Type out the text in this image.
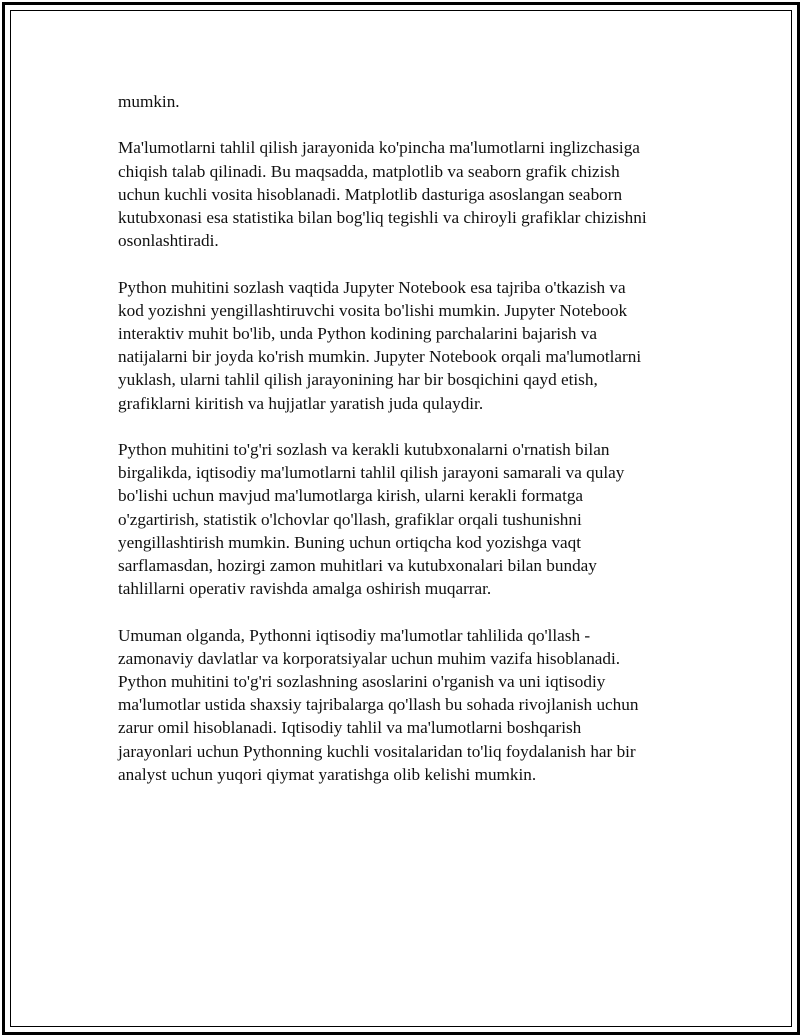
mumkin.

Ma'lumotlarni tahlil qilish jarayonida ko'pincha ma'lumotlarni inglizchasiga
chiqish talab qilinadi. Bu maqsadda, matplotlib va seaborn grafik chizish
uchun kuchli vosita hisoblanadi. Matplotlib dasturiga asoslangan seaborn
kutubxonasi esa statistika bilan bog'liq tegishli va chiroyli grafiklar chizishni
osonlashtiradi.

Python muhitini sozlash vaqtida Jupyter Notebook esa tajriba o'tkazish va
kod yozishni yengillashtiruvchi vosita bo'lishi mumkin. Jupyter Notebook
interaktiv muhit bo'lib, unda Python kodining parchalarini bajarish va
natijalarni bir joyda ko'rish mumkin. Jupyter Notebook orqali ma'lumotlarni
yuklash, ularni tahlil qilish jarayonining har bir bosqichini qayd etish,
grafiklarni kiritish va hujjatlar yaratish juda qulaydir.

Python muhitini to'g'ri sozlash va kerakli kutubxonalarni o'rnatish bilan
birgalikda, iqtisodiy ma'lumotlarni tahlil qilish jarayoni samarali va qulay
bo'lishi uchun mavjud ma'lumotlarga kirish, ularni kerakli formatga
o'zgartirish, statistik o'lchovlar qo'llash, grafiklar orqali tushunishni
yengillashtirish mumkin. Buning uchun ortiqcha kod yozishga vaqt
sarflamasdan, hozirgi zamon muhitlari va kutubxonalari bilan bunday
tahlillarni operativ ravishda amalga oshirish muqarrar.

Umuman olganda, Pythonni iqtisodiy ma'lumotlar tahlilida qo'llash -
zamonaviy davlatlar va korporatsiyalar uchun muhim vazifa hisoblanadi.
Python muhitini to'g'ri sozlashning asoslarini o'rganish va uni iqtisodiy
ma'lumotlar ustida shaxsiy tajribalarga qo'llash bu sohada rivojlanish uchun
zarur omil hisoblanadi. Iqtisodiy tahlil va ma'lumotlarni boshqarish
jarayonlari uchun Pythonning kuchli vositalaridan to'liq foydalanish har bir
analyst uchun yuqori qiymat yaratishga olib kelishi mumkin.
